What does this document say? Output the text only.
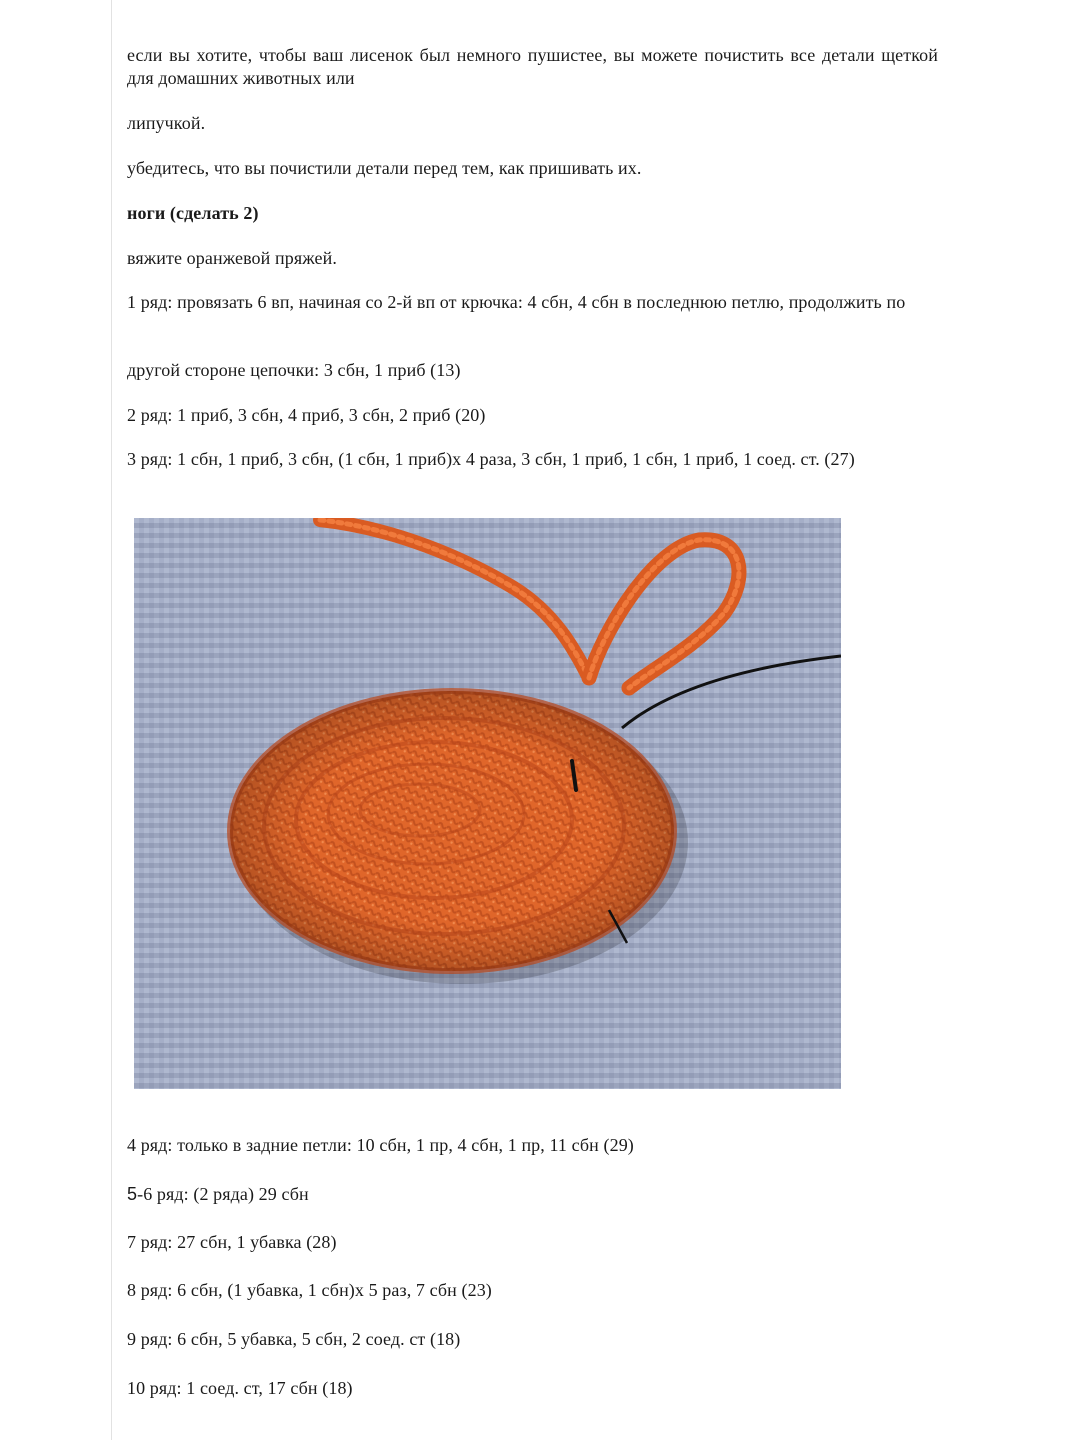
если вы хотите, чтобы ваш лисенок был немного пушистее, вы можете почистить все детали щеткой для домашних животных или

липучкой.

убедитесь, что вы почистили детали перед тем, как пришивать их.

ноги (сделать 2)

вяжите оранжевой пряжей.

1 ряд: провязать 6 вп, начиная со 2-й вп от крючка: 4 сбн, 4 сбн в последнюю петлю, продолжить по

другой стороне цепочки: 3 сбн, 1 приб (13)

2 ряд: 1 приб, 3 сбн, 4 приб, 3 сбн, 2 приб (20)

3 ряд: 1 сбн, 1 приб, 3 сбн, (1 сбн, 1 приб)х 4 раза, 3 сбн, 1 приб, 1 сбн, 1 приб, 1 соед. ст. (27)

4 ряд: только в задние петли: 10 сбн, 1 пр, 4 сбн, 1 пр, 11 сбн (29)

5-6 ряд: (2 ряда) 29 сбн

7 ряд: 27 сбн, 1 убавка (28)

8 ряд: 6 сбн, (1 убавка, 1 сбн)х 5 раз, 7 сбн (23)

9 ряд: 6 сбн, 5 убавка, 5 сбн, 2 соед. ст (18)

10 ряд: 1 соед. ст, 17 сбн (18)
